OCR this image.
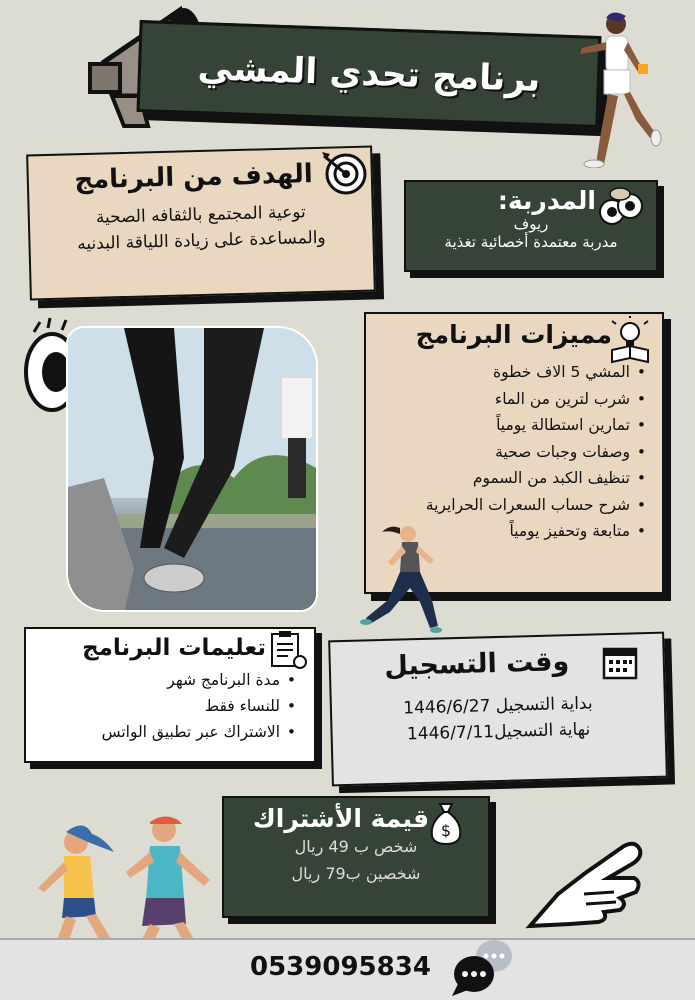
برنامج تحدي المشي
الهدف من البرنامج
توعية المجتمع بالثقافه الصحية
والمساعدة على زيادة اللياقة البدنيه
المدربة:
ريوف
مدربة معتمدة أخصائية تغذية
مميزات البرنامج
• المشي 5 الاف خطوة
• شرب لترين من الماء
• تمارين استطالة يومياً
• وصفات وجبات صحية
• تنظيف الكبد من السموم
• شرح حساب السعرات الحرايرية
• متابعة وتحفيز يومياً
تعليمات البرنامج
• مدة البرنامج شهر
• للنساء فقط
• الاشتراك عبر تطبيق الواتس
وقت التسجيل
بداية التسجيل 1446/6/27
نهاية التسجيل1446/7/11
قيمة الأشتراك
شخص ب 49 ريال
شخصين ب79 ريال
$
0539095834
